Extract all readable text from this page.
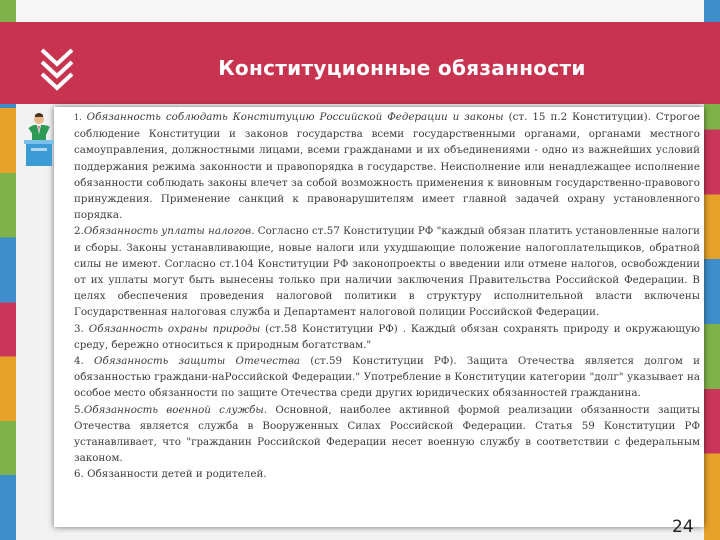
Конституционные обязанности

1. Обязанность соблюдать Конституцию Российской Федерации и законы (ст. 15 п.2 Конституции). Строгое соблюдение Конституции и законов государства всеми государственными органами, органами местного самоуправления, должностными лицами, всеми гражданами и их объединениями - одно из важнейших условий поддержания режима законности и правопорядка в государстве. Неисполнение или ненадлежащее исполнение обязанности соблюдать законы влечет за собой возможность применения к виновным государственно-правового принуждения. Применение санкций к правонарушителям имеет главной задачей охрану установленного порядка.

2.Обязанность уплаты налогов. Согласно ст.57 Конституции РФ "каждый обязан платить установленные налоги и сборы. Законы устанавливающие, новые налоги или ухудшающие положение налогоплательщиков, обратной силы не имеют. Согласно ст.104 Конституции РФ законопроекты о введении или отмене налогов, освобождении от их уплаты могут быть вынесены только при наличии заключения Правительства Российской Федерации. В целях обеспечения проведения налоговой политики в структуру исполнительной власти включены Государственная налоговая служба и Департамент налоговой полиции Российской Федерации.

3. Обязанность охраны природы (ст.58 Конституции РФ) . Каждый обязан сохранять природу и окружающую среду, бережно относиться к природным богатствам."

4. Обязанность защиты Отечества (ст.59 Конституции РФ). Защита Отечества является долгом и обязанностью граждани-наРоссийской Федерации." Употребление в Конституции категории "долг" указывает на особое место обязанности по защите Отечества среди других юридических обязанностей гражданина.

5.Обязанность военной службы. Основной, наиболее активной формой реализации обязанности защиты Отечества является служба в Вооруженных Силах Российской Федерации. Статья 59 Конституции РФ устанавливает, что "гражданин Российской Федерации несет военную службу в соответствии с федеральным законом.

6. Обязанности детей и родителей.

24
